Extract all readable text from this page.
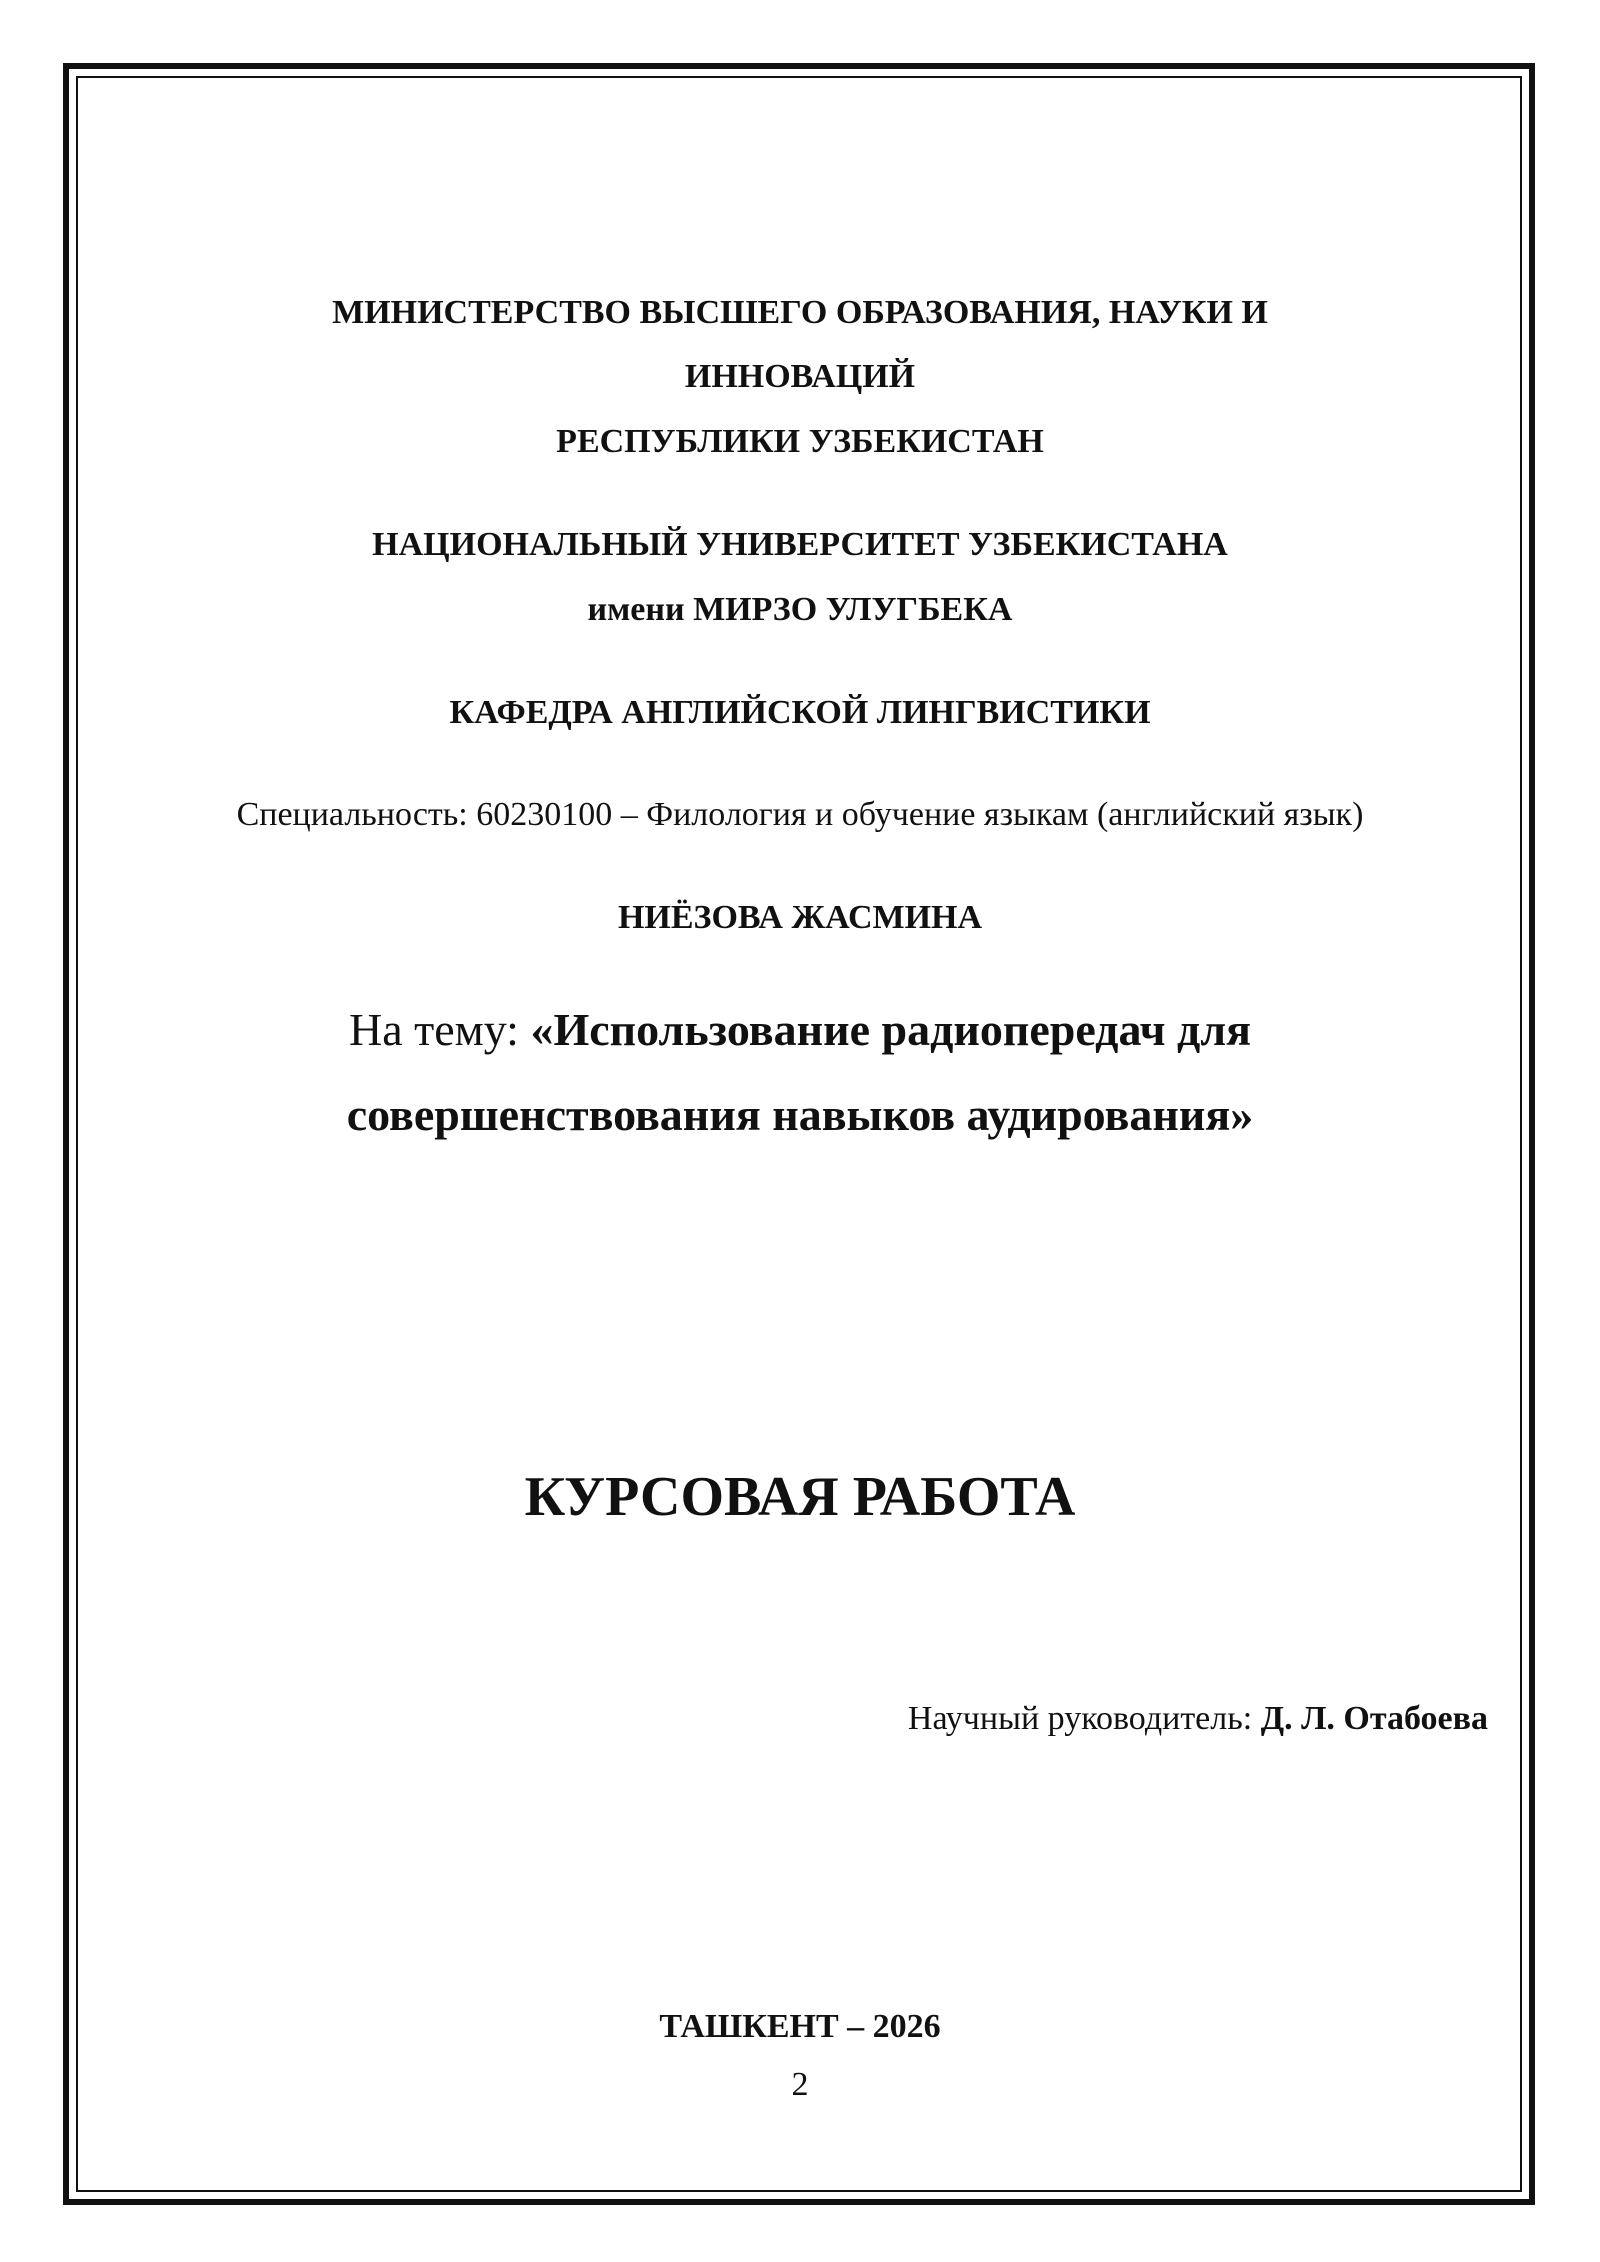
МИНИСТЕРСТВО ВЫСШЕГО ОБРАЗОВАНИЯ, НАУКИ И
ИННОВАЦИЙ
РЕСПУБЛИКИ УЗБЕКИСТАН
НАЦИОНАЛЬНЫЙ УНИВЕРСИТЕТ УЗБЕКИСТАНА
имени МИРЗО УЛУГБЕКА
КАФЕДРА АНГЛИЙСКОЙ ЛИНГВИСТИКИ
Специальность: 60230100 – Филология и обучение языкам (английский язык)
НИЁЗОВА ЖАСМИНА
На тему: «Использование радиопередач для
совершенствования навыков аудирования»
КУРСОВАЯ РАБОТА
Научный руководитель: Д. Л. Отабоева
ТАШКЕНТ – 2026
2
